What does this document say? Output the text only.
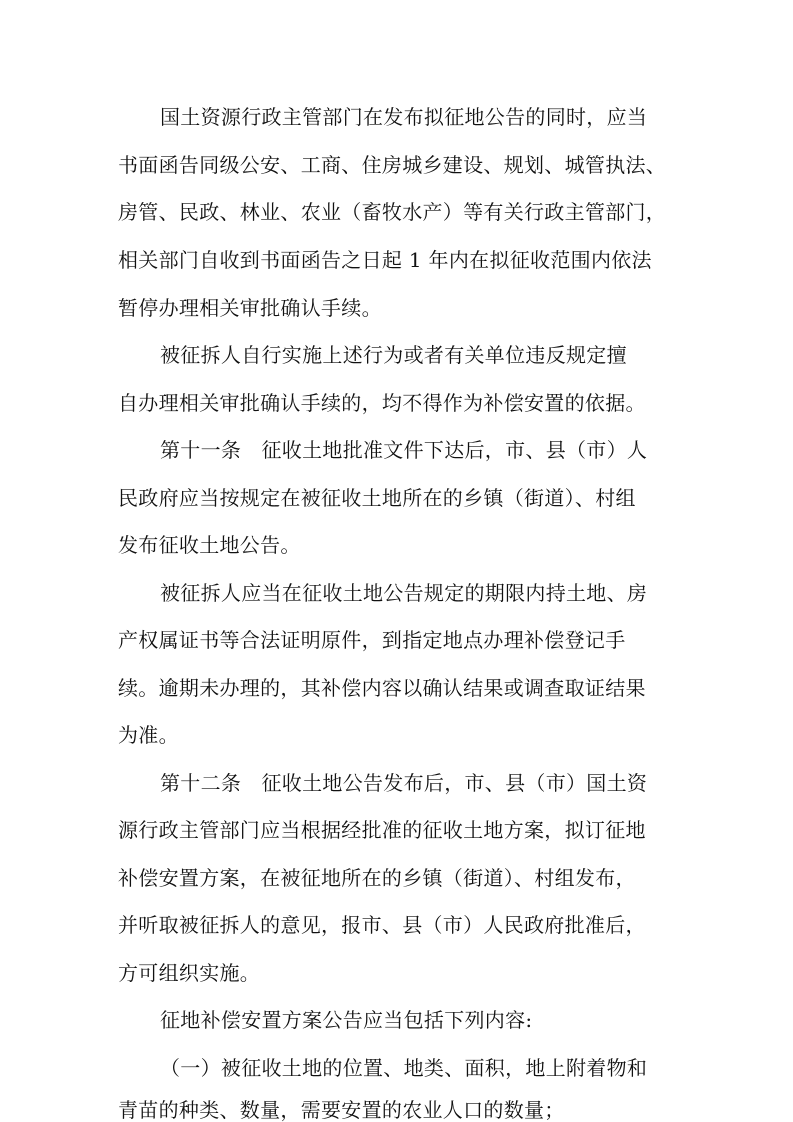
国土资源行政主管部门在发布拟征地公告的同时，应当
书面函告同级公安、工商、住房城乡建设、规划、城管执法、
房管、民政、林业、农业（畜牧水产）等有关行政主管部门，
相关部门自收到书面函告之日起 1 年内在拟征收范围内依法
暂停办理相关审批确认手续。
被征拆人自行实施上述行为或者有关单位违反规定擅
自办理相关审批确认手续的，均不得作为补偿安置的依据。
第十一条　征收土地批准文件下达后，市、县（市）人
民政府应当按规定在被征收土地所在的乡镇（街道）、村组
发布征收土地公告。
被征拆人应当在征收土地公告规定的期限内持土地、房
产权属证书等合法证明原件，到指定地点办理补偿登记手
续。逾期未办理的，其补偿内容以确认结果或调查取证结果
为准。
第十二条　征收土地公告发布后，市、县（市）国土资
源行政主管部门应当根据经批准的征收土地方案，拟订征地
补偿安置方案，在被征地所在的乡镇（街道）、村组发布，
并听取被征拆人的意见，报市、县（市）人民政府批准后，
方可组织实施。
征地补偿安置方案公告应当包括下列内容:
（一）被征收土地的位置、地类、面积，地上附着物和
青苗的种类、数量，需要安置的农业人口的数量；
